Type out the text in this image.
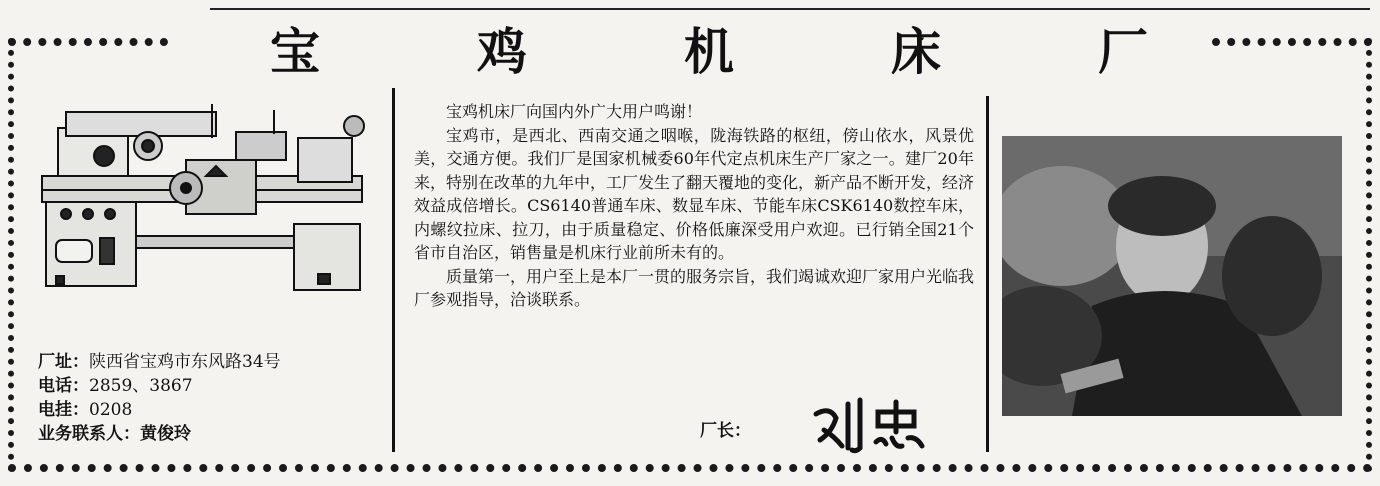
宝	鸡	机	床	厂
厂址：陕西省宝鸡市东风路34号
电话：2859、3867
电挂：0208
业务联系人：黄俊玲

宝鸡机床厂向国内外广大用户鸣谢！

宝鸡市，是西北、西南交通之咽喉，陇海铁路的枢纽，傍山依水，风景优美，交通方便。我们厂是国家机械委60年代定点机床生产厂家之一。建厂20年来，特别在改革的九年中，工厂发生了翻天覆地的变化，新产品不断开发，经济效益成倍增长。CS6140普通车床、数显车床、节能车床CSK6140数控车床，内螺纹拉床、拉刀，由于质量稳定、价格低廉深受用户欢迎。已行销全国21个省市自治区，销售量是机床行业前所未有的。

质量第一，用户至上是本厂一贯的服务宗旨，我们竭诚欢迎厂家用户光临我厂参观指导，洽谈联系。

厂长：
